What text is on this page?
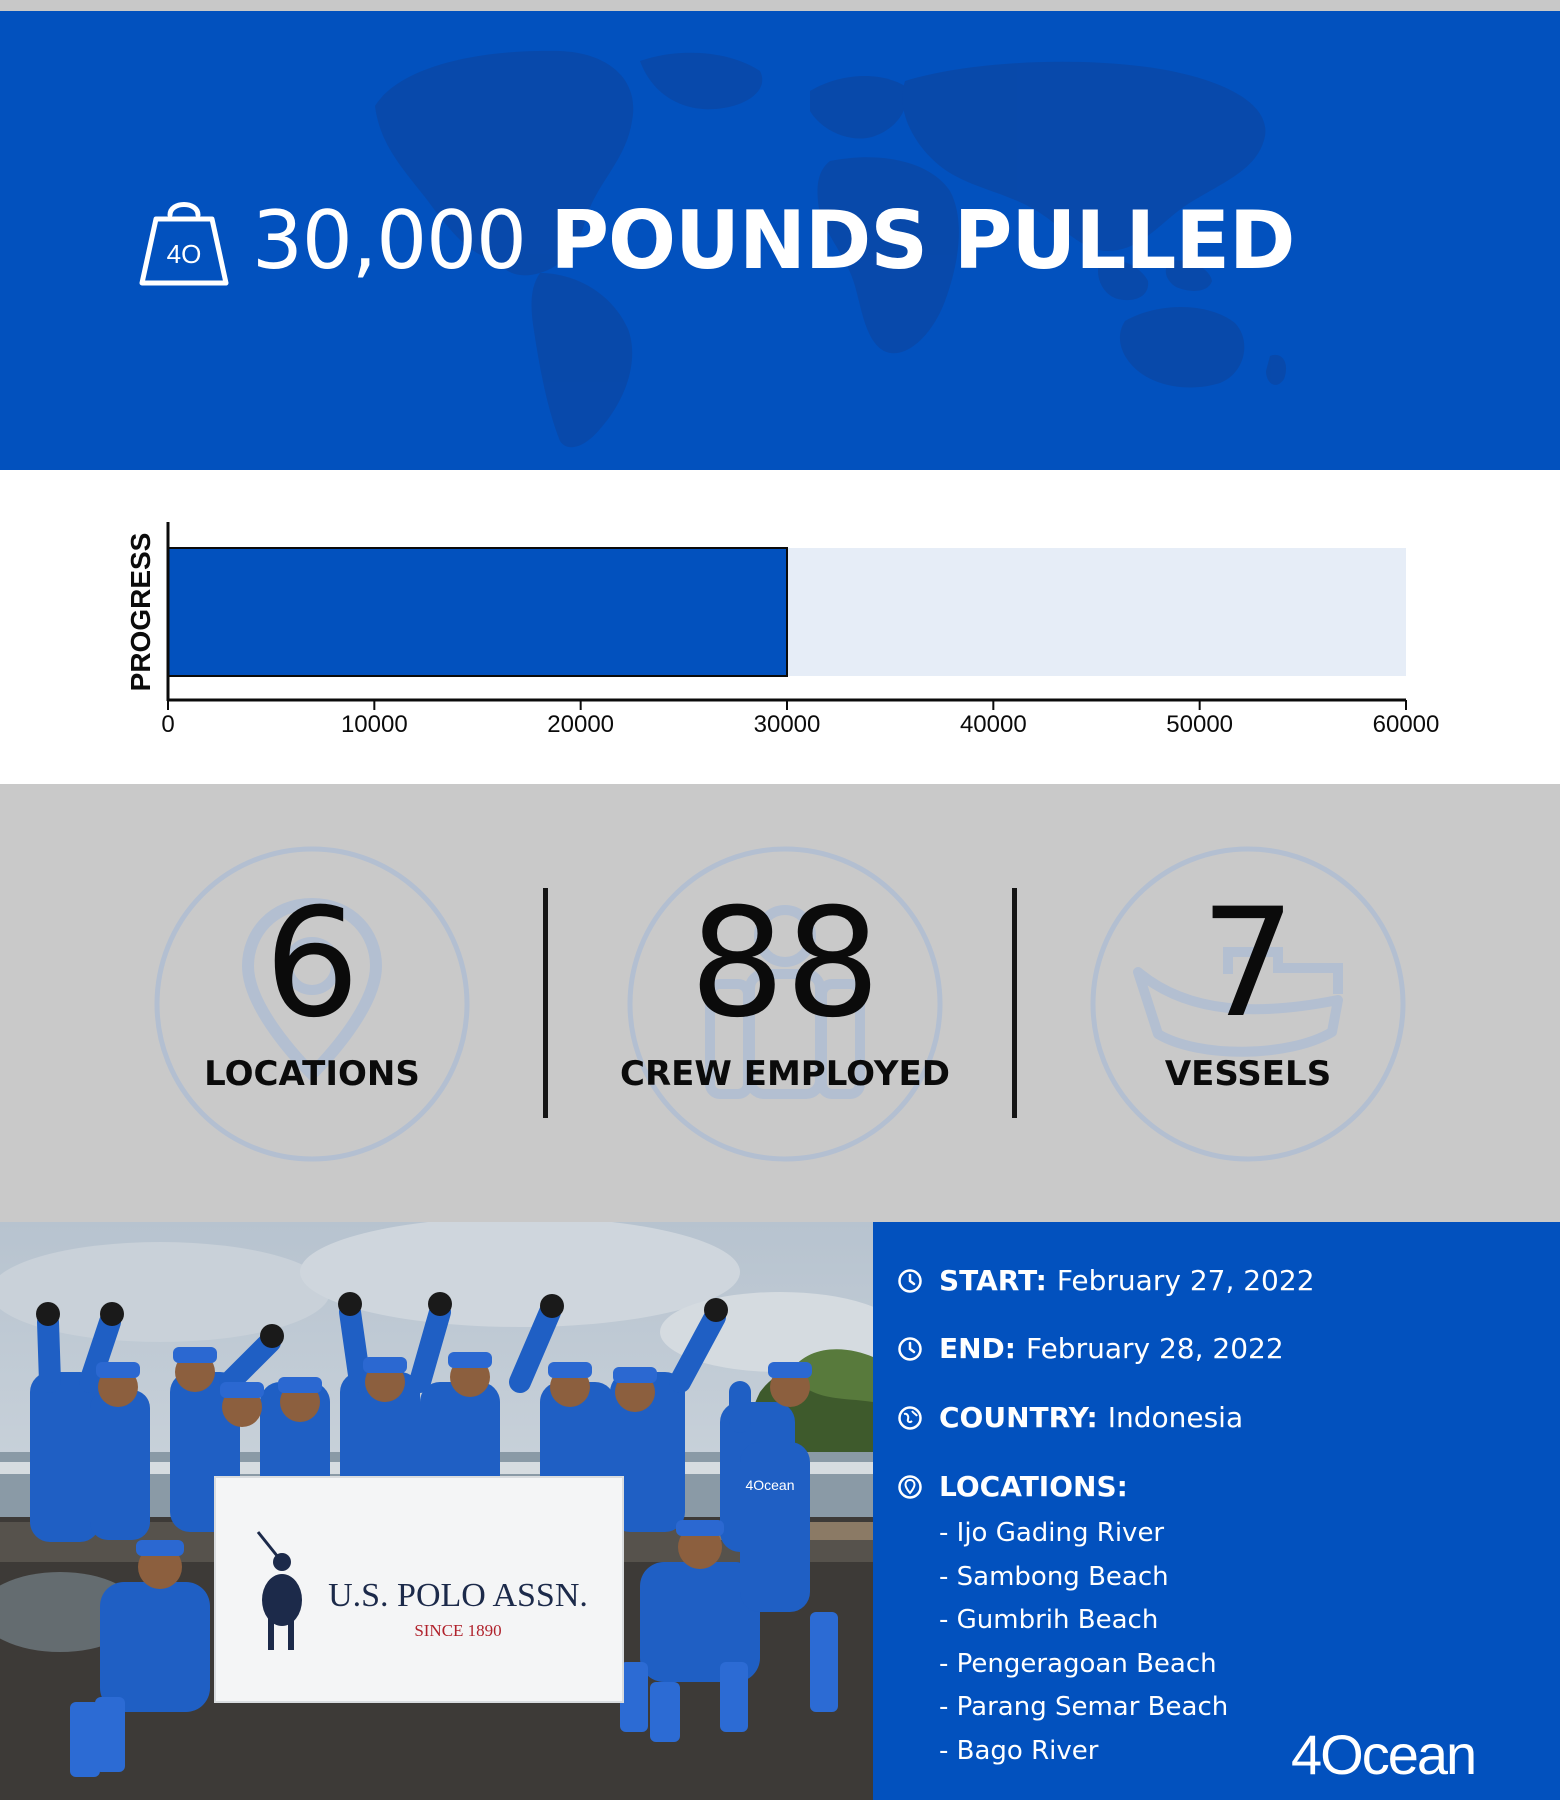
4O 30,000 POUNDS PULLED
0	10000	20000	30000	40000	50000	60000
PROGRESS
6
LOCATIONS
88
CREW EMPLOYED
7
VESSELS
U.S. POLO ASSN.
SINCE 1890
4Ocean
START: February 27, 2022
END: February 28, 2022
COUNTRY: Indonesia
LOCATIONS:
- Ijo Gading River
- Sambong Beach
- Gumbrih Beach
- Pengeragoan Beach
- Parang Semar Beach
- Bago River	4Ocean
